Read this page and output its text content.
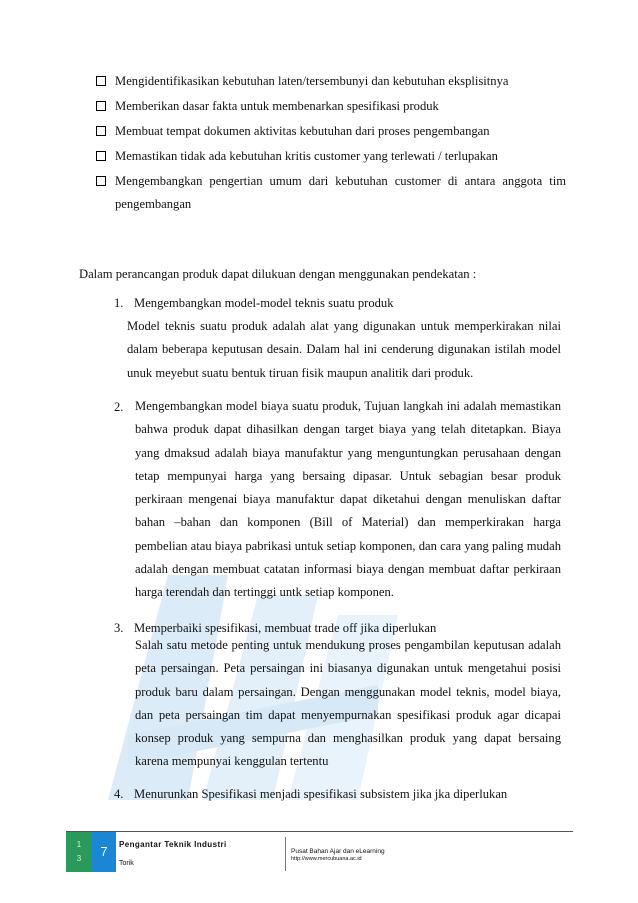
Mengidentifikasikan kebutuhan laten/tersembunyi dan kebutuhan eksplisitnya
Memberikan dasar fakta untuk membenarkan spesifikasi produk
Membuat tempat dokumen aktivitas kebutuhan dari proses pengembangan
Memastikan tidak ada kebutuhan kritis customer yang terlewati / terlupakan
Mengembangkan pengertian umum dari kebutuhan customer di antara anggota tim pengembangan
Dalam perancangan produk dapat dilukuan dengan menggunakan pendekatan :
1. Mengembangkan model-model teknis suatu produk
Model teknis suatu produk adalah alat yang digunakan untuk memperkirakan nilai dalam beberapa keputusan desain. Dalam hal ini cenderung digunakan istilah model unuk meyebut suatu bentuk tiruan fisik maupun analitik dari produk.
2. Mengembangkan model biaya suatu produk, Tujuan langkah ini adalah memastikan bahwa produk dapat dihasilkan dengan target biaya yang telah ditetapkan. Biaya yang dmaksud adalah biaya manufaktur yang menguntungkan perusahaan dengan tetap mempunyai harga yang bersaing dipasar. Untuk sebagian besar produk perkiraan mengenai biaya manufaktur dapat diketahui dengan menuliskan daftar bahan –bahan dan komponen (Bill of Material) dan memperkirakan harga pembelian atau biaya pabrikasi untuk setiap komponen, dan cara yang paling mudah adalah dengan membuat catatan informasi biaya dengan membuat daftar perkiraan harga terendah dan tertinggi untk setiap komponen.
3. Memperbaiki spesifikasi, membuat trade off jika diperlukan
Salah satu metode penting untuk mendukung proses pengambilan keputusan adalah peta persaingan. Peta persaingan ini biasanya digunakan untuk mengetahui posisi produk baru dalam persaingan. Dengan menggunakan model teknis, model biaya, dan peta persaingan tim dapat menyempurnakan spesifikasi produk agar dicapai konsep produk yang sempurna dan menghasilkan produk yang dapat bersaing karena mempunyai kenggulan tertentu
4. Menurunkan Spesifikasi menjadi spesifikasi subsistem jika jka diperlukan
1
3	7	Pengantar Teknik Industri
Torik
Pusat Bahan Ajar dan eLearning
http://www.mercubuana.ac.id
